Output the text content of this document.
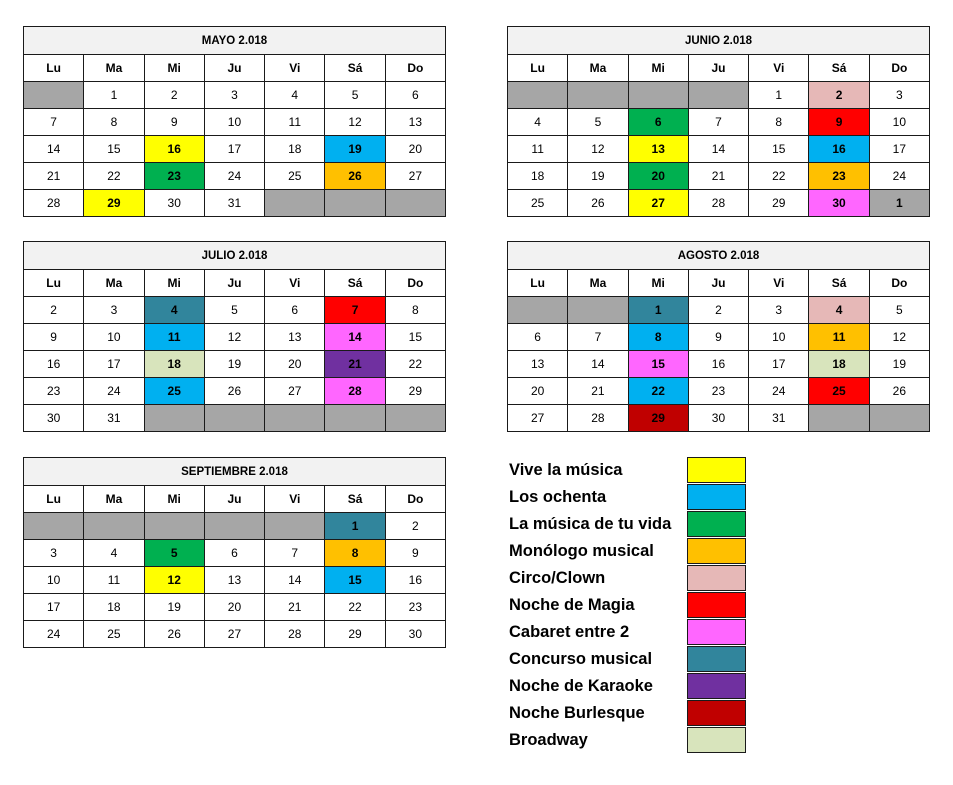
MAYO 2.018						
Lu	Ma	Mi	Ju	Vi	Sá	Do
	1	2	3	4	5	6
7	8	9	10	11	12	13
14	15	16	17	18	19	20
21	22	23	24	25	26	27
28	29	30	31			
JUNIO 2.018						
Lu	Ma	Mi	Ju	Vi	Sá	Do
				1	2	3
4	5	6	7	8	9	10
11	12	13	14	15	16	17
18	19	20	21	22	23	24
25	26	27	28	29	30	1
JULIO 2.018						
Lu	Ma	Mi	Ju	Vi	Sá	Do
2	3	4	5	6	7	8
9	10	11	12	13	14	15
16	17	18	19	20	21	22
23	24	25	26	27	28	29
30	31					
AGOSTO 2.018						
Lu	Ma	Mi	Ju	Vi	Sá	Do
		1	2	3	4	5
6	7	8	9	10	11	12
13	14	15	16	17	18	19
20	21	22	23	24	25	26
27	28	29	30	31		
SEPTIEMBRE 2.018						
Lu	Ma	Mi	Ju	Vi	Sá	Do
					1	2
3	4	5	6	7	8	9
10	11	12	13	14	15	16
17	18	19	20	21	22	23
24	25	26	27	28	29	30
Vive la música
Los ochenta
La música de tu vida
Monólogo musical
Circo/Clown
Noche de Magia
Cabaret entre 2
Concurso musical
Noche de Karaoke
Noche Burlesque
Broadway
